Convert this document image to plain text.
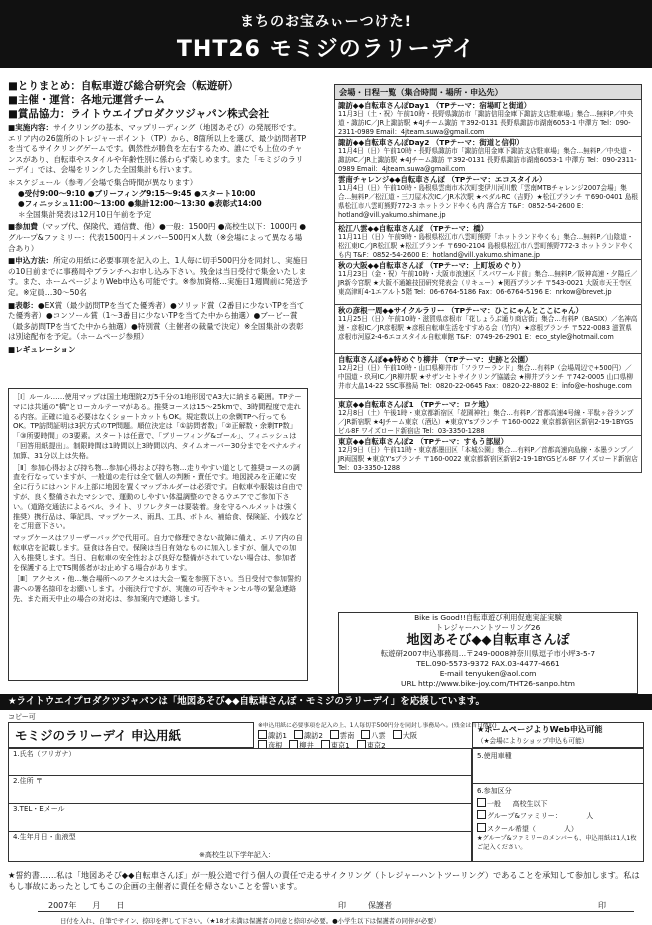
まちのお宝みぃーつけた!
THT26 モミジのラリーデイ
■とりまとめ：自転車遊び総合研究会（転遊研）
■主催・運営：各地元運営チーム
■賞品協力：ライトウエイプロダクツジャパン株式会社
■実施内容：サイクリングの基本、マップリーディング（地図あそび）の発展形です。エリア内の26箇所のトレジャーポイント（TP）から、8箇所以上を選び、最少訪問者TPを当てるサイクリングゲームです。偶然性が勝負を左右するため、誰にでも上位のチャンスがあり、自転車やスタイルや年齢性別に係わらず楽しめます。また「モミジのラリーデイ」では、会場をリンクした全国集計も行います。
＊スケジュール（参考／会場で集合時間が異なります）
●受付9:00～9:10 ●ブリーフィング9:15～9:45 ●スタート10:00
●フィニッシュ11:00～13:00 ●集計12:00～13:30 ●表彰式14:00
＊全国集計発表は12月10日午前を予定
■参加費（マップ代、保険代、通信費、他）●一般：1500円 ●高校生以下：1000円 ●グループ&ファミリー：代表1500円＋メンバー500円×人数（※会場によって異なる場合あり）
■申込方法：所定の用紙に必要事項を記入の上、1人毎に切手500円分を同封し、実施日の10日前までに事務局やブランチへお申し込み下さい。残金は当日受付で集金いたします。また、ホームページよりWeb申込も可能です。※参加資格…実施日1週間前に発送予定。※定員…30～50名
■表彰：●EX賞（最少訪問TPを当てた優秀者）●ソリッド賞（2番目に少ないTPを当てた優秀者）●コンソール賞（1～3番目に少ないTPを当てた中から抽選）●ブービー賞（最多訪問TPを当てた中から抽選）●特別賞（主催者の裁量で決定）※全国集計の表彰は別途配布を予定。（ホームページ参照）
■レギュレーション

［Ⅰ］ルール……使用マップは国土地理院2万5千分の1地形図でA3大に納まる範囲。TPテーマには共通の"橋"とローカルテーマがある。推奨コースは15～25kmで、3時間程度で走れる内容。正確に辿る必要はなくショートカットもOK。規定数以上の余剰TPへ行ってもOK。TP訪問証明は3択方式のTP問題。順位決定は「①訪問者数」「②正解数・余剰TP数」「③所要時間」の3要素。スタートは任意で、「ブリーフィング&ゴール」、フィニッシュは「回答用紙提出」。制限時間は1時間以上3時間以内、タイムオーバー30分までをペナルティ加算、31分以上は失格。

［Ⅱ］参加心得および持ち物…参加心得および持ち物…走りやすい道として推奨コースの調査を行なっていますが、一般道の走行は全て個人の判断・責任です。地図読みを正確に安全に行うにはハンドル上部に地図を置くマップホルダーは必須です。自転車や服装は自由ですが、良く整備されたマシンで、運動のしやすい体温調整のできるウエアでご参加下さい。（道路交通法によるベル、ライト、リフレクターは要装着。身を守るヘルメットは強く推奨）携行品は、筆記具、マップケース、雨具、工具、ボトル、補給食、保険証、小銭などをご用意下さい。

マップケースはフリーザーバッグで代用可。自力で修理できない故障に備え、エリア内の自転車店を記載します。昼食は各自で。保険は当日有効なものに加入しますが、個人での加入も推奨します。当日、自転車の安全性および良好な整備がされていない場合は、参加者を保護する上でTS関係者がお止めする場合があります。

［Ⅲ］アクセス・他…集合場所へのアクセスは大会一覧を参照下さい。当日受付で参加誓約書への署名捺印をお願いします。小雨決行ですが、実施の可否やキャンセル等の緊急連絡先、また雨天中止の場合の対応は、参加案内で連絡します。

会場・日程一覧（集合時間・場所・申込先）
諏訪◆◆自転車さんぽDay1 （TPテーマ：宿場町と街道）
11月3日（土・祝）午前10時・長野県諏訪市「諏訪信用金庫下諏訪支店駐車場」集合…無料P／中央道・諏訪IC／JR上諏訪駅 ★4Jチーム諏訪 〒392-0131 長野県諏訪市湖南6053-1 中澤方 Tel：090-2311-0989 Email：4jteam.suwa@gmail.com
諏訪◆◆自転車さんぽDay2 （TPテーマ：街道と信仰）
11月4日（日）午前10時・長野県諏訪市「諏訪信用金庫下諏訪支店駐車場」集合…無料P／中央道・諏訪IC／JR上諏訪駅 ★4Jチーム諏訪 〒392-0131 長野県諏訪市湖南6053-1 中澤方 Tel：090-2311-0989 Email：4jteam.suwa@gmail.com
雲南チャレンジ◆◆自転車さんぽ （TPテーマ：エコスタイル）
11月4日（日）午前10時・島根県雲南市木次町斐伊川河川敷「雲南MTBチャレンジ2007会場」集合…無料P／松江道・三刀屋木次IC／JR木次駅 ★ペダルRC（吉野）★松江ブランチ 〒690-0401 島根県松江市八雲町熊野772-3 ホットランドやくも内 落合方 T&F：0852-54-2600 E：hotland@vill.yakumo.shimane.jp
松江八雲◆◆自転車さんぽ （TPテーマ：橋）
11月11日（日）午前9時・島根県松江市八雲町熊野「ホットランドやくも」集合…無料P／山陰道・松江東IC／JR松江駅 ★松江ブランチ 〒690-2104 島根県松江市八雲町熊野772-3 ホットランドやくも内 T&F：0852-54-2600 E：hotland@vill.yakumo.shimane.jp
秋の大阪◆◆自転車さんぽ （TPテーマ：上町坂めぐり）
11月23日（金・祝）午前10時・大阪市浪速区「スパワールド前」集合…無料P／阪神高速・夕陽丘／JR新今宮駅 ★大阪不通雑技団研究発表会（リキュー）★関西ブランチ 〒543-0021 大阪市天王寺区東高津町4-1エアルト5階 Tel：06-6764-5186 Fax：06-6764-5196 E：nrkow@brevet.jp
秋の彦根一周◆◆サイクルラリー （TPテーマ：ひこにゃんとここにゃん）
11月25日（日）午前10時・滋賀県彦根市「花しょうぶ通り商店街」集合…有料P（BASIX）／名神高速・彦根IC／JR彦根駅 ★彦根自転車生活をすすめる会（竹内）★彦根ブランチ 〒522-0083 滋賀県彦根市河原2-4-6エコスタイル自転車館 T&F：0749-26-2901 E：eco_style@hotmail.com
自転車さんぽ◆◆特めぐり柳井 （TPテーマ：史跡と公園）
12月2日（日）午前10時・山口県柳井市「フラワーランド」集合…有料P（会場周辺で+500円）／中国道・玖珂IC／JR柳井駅 ★サザンセトサイクリング協議会 ★柳井ブランチ 〒742-0005 山口県柳井市大畠14-22 SSC事務局 Tel：0820-22-0645 Fax：0820-22-8802 E：info@e-hoshuge.com
東京◆◆自転車さんぽ1 （TPテーマ：ロケ地）
12月8日（土）午後1時・東京都新宿区「花園神社」集合…有料P／首都高速4号線・平駄ヶ谷ランプ／JR新宿駅 ★4Jチーム東京（酒込）★東京Y'sブランチ 〒160-0022 東京都新宿区新宿2-19-1BYGSビル8F ワイズロード新宿店 Tel：03-3350-1288
東京◆◆自転車さんぽ2 （TPテーマ：すもう部屋）
12月9日（日）午前11時・東京都墨田区「本城公園」集合…有料P／首都高速向島線・本墨ランプ／JR両国駅 ★東京Y'sブランチ 〒160-0022 東京都新宿区新宿2-19-1BYGSビル8F ワイズロード新宿店 Tel：03-3350-1288
Bike is Good!!自転車遊び利用促進実証実験
トレジャーハントツーリング26
地図あそび◆◆自転車さんぽ
転遊研2007申込事務局…〒249-0008神奈川県逗子市小坪3-5-7
TEL.090-5573-9372 FAX.03-4477-4661
E-mail tenyuken@aol.com
URL http://www.bike-joy.com/THT26-sanpo.htm
★ライトウエイプロダクツジャパンは「地図あそび◆◆自転車さんぽ・モミジのラリーデイ」を応援しています。
コピー可
モミジのラリーデイ 申込用紙
※申込用紙に必要事項を記入の上、1人毎切手500円分を同封し事務局へ。(残金は当日徴収)
諏訪1 諏訪2 雲南 八雲 大阪
彦根 柳井 東京1 東京2
★ホームページよりWeb申込可能
（★会場によりショップ申込も可能）
1.氏名（フリガナ）
2.住所 〒
3.TEL・Eメール
4.生年月日・血液型
※高校生以下学年記入：
5.使用車種
6.参加区分
一般 　 高校生以下
グループ&ファミリー：　　　　人
スクール希望（　　　　人）
★グループ&ファミリーのメンバーも、申込用紙は1人1枚ご記入ください。
★誓約書……私は「地図あそび◆◆自転車さんぽ」が一般公道で行う個人の責任で走るサイクリング（トレジャーハントツーリング）であることを承知して参加します。私はもし事故にあったとしてもこの企画の主催者に責任を帰さないことを誓います。
2007年　　月　　日	印	保護者	印
日付を入れ、自筆でサイン、捺印を押して下さい。（★18才未満は保護者の同意と捺印が必要。●小学生以下は保護者の同伴が必要）
